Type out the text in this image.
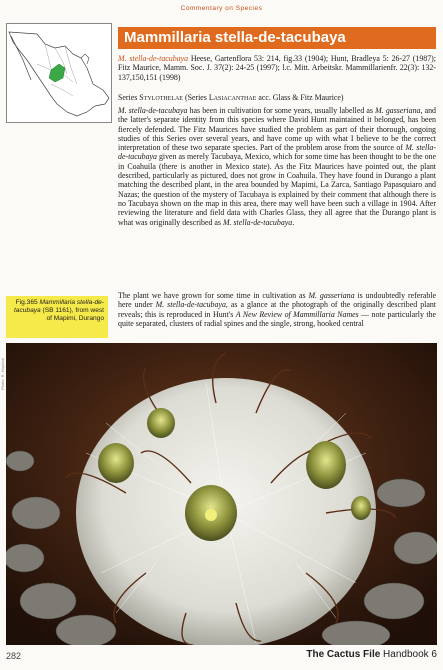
Commentary on Species
Mammillaria stella-de-tacubaya
M. stella-de-tacubaya Heese, Gartenflora 53: 214, fig.33 (1904); Hunt, Bradleya 5: 26-27 (1987); Fitz Maurice, Mamm. Soc. J. 37(2): 24-25 (1997); l.c. Mitt. Arbeitskr. Mammillarienfr. 22(3): 132-137,150,151 (1998)
Series Stylothelae (Series Lasiacanthae acc. Glass & Fitz Maurice)
M. stella-de-tacubaya has been in cultivation for some years, usually labelled as M. gasseriana, and the latter's separate identity from this species where David Hunt maintained it belonged, has been fiercely defended. The Fitz Maurices have studied the problem as part of their thorough, ongoing studies of this Series over several years, and have come up with what I believe to be the correct interpretation of these two separate species. Part of the problem arose from the source of M. stella-de-tacubaya given as merely Tacubaya, Mexico, which for some time has been thought to be the one in Coahuila (there is another in Mexico state). As the Fitz Maurices have pointed out, the plant described, particularly as pictured, does not grow in Coahuila. They have found in Durango a plant matching the described plant, in the area bounded by Mapimi, La Zarca, Santiago Papasquiaro and Nazas; the question of the mystery of Tacubaya is explained by their comment that although there is no Tacubaya shown on the map in this area, there may well have been such a village in 1904. After reviewing the literature and field data with Charles Glass, they all agree that the Durango plant is what was originally described as M. stella-de-tacubaya.
The plant we have grown for some time in cultivation as M. gasseriana is undoubtedly referable here under M. stella-de-tacubaya, as a glance at the photograph of the originally described plant reveals; this is reproduced in Hunt's A New Review of Mammillaria Names — note particularly the quite separated, clusters of radial spines and the single, strong, hooked central
Fig.365 Mammillaria stella-de-tacubaya (SB 1161), from west of Mapimi, Durango
Photo: R. Haylock
282	The Cactus File Handbook 6
